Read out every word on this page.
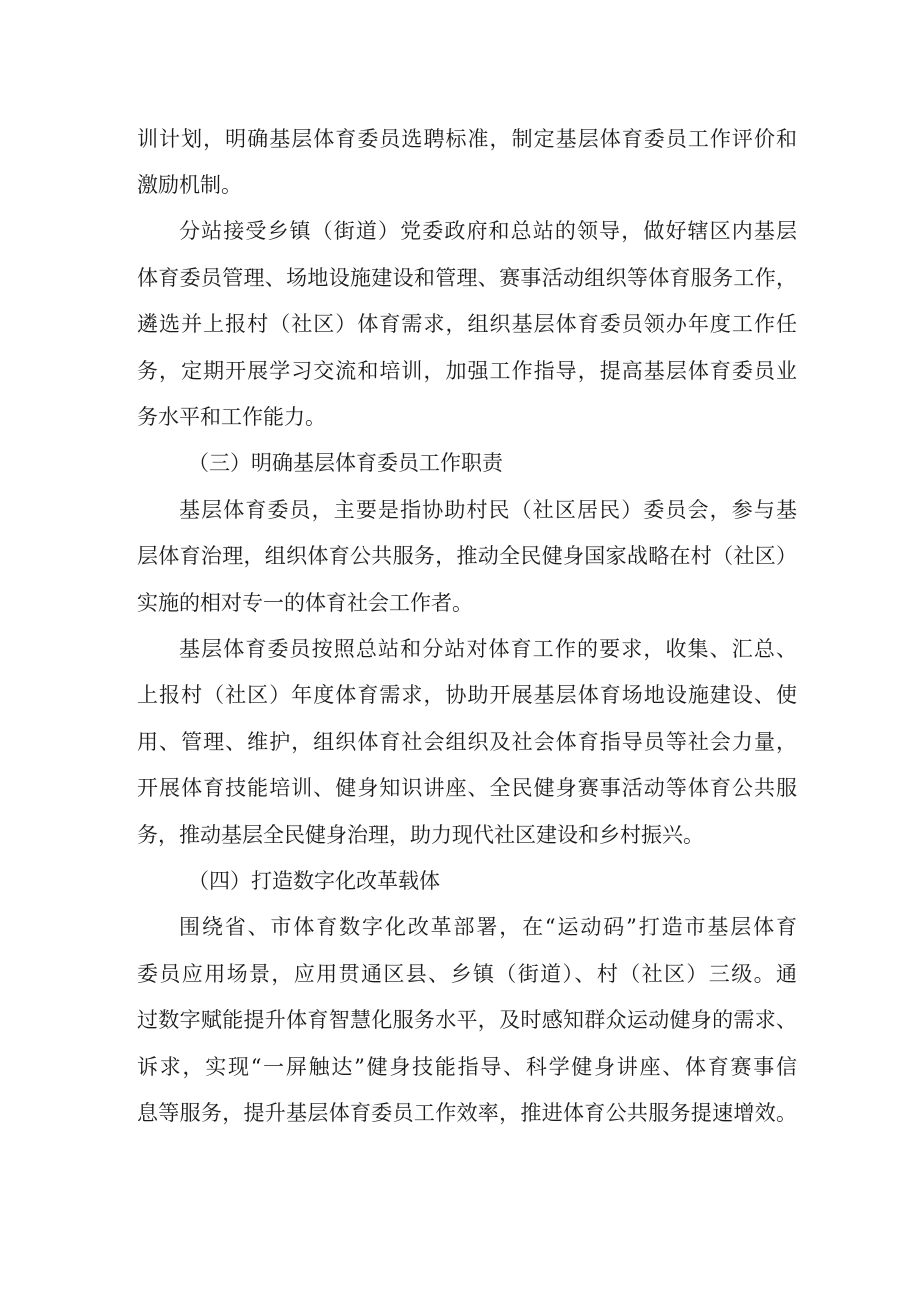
训计划，明确基层体育委员选聘标准，制定基层体育委员工作评价和

激励机制。

分站接受乡镇（街道）党委政府和总站的领导，做好辖区内基层

体育委员管理、场地设施建设和管理、赛事活动组织等体育服务工作，

遴选并上报村（社区）体育需求，组织基层体育委员领办年度工作任

务，定期开展学习交流和培训，加强工作指导，提高基层体育委员业

务水平和工作能力。

（三）明确基层体育委员工作职责

基层体育委员，主要是指协助村民（社区居民）委员会，参与基

层体育治理，组织体育公共服务，推动全民健身国家战略在村（社区）

实施的相对专一的体育社会工作者。

基层体育委员按照总站和分站对体育工作的要求，收集、汇总、

上报村（社区）年度体育需求，协助开展基层体育场地设施建设、使

用、管理、维护，组织体育社会组织及社会体育指导员等社会力量，

开展体育技能培训、健身知识讲座、全民健身赛事活动等体育公共服

务，推动基层全民健身治理，助力现代社区建设和乡村振兴。

（四）打造数字化改革载体

围绕省、市体育数字化改革部署，在“运动码”打造市基层体育

委员应用场景，应用贯通区县、乡镇（街道）、村（社区）三级。通

过数字赋能提升体育智慧化服务水平，及时感知群众运动健身的需求、

诉求，实现“一屏触达”健身技能指导、科学健身讲座、体育赛事信

息等服务，提升基层体育委员工作效率，推进体育公共服务提速增效。
